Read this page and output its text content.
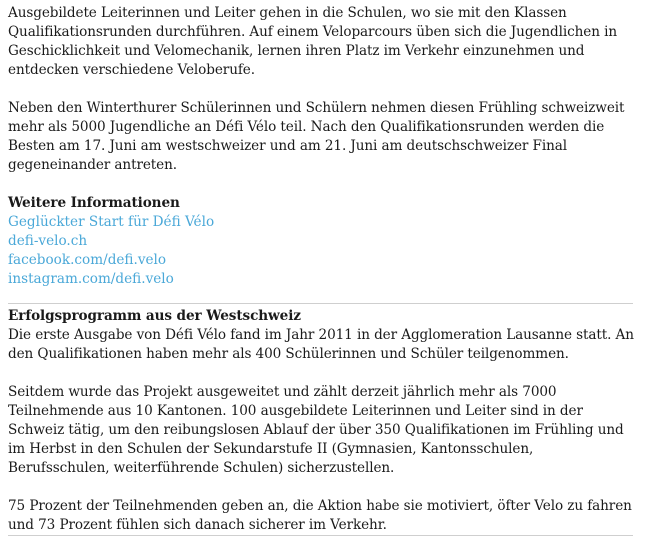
Ausgebildete Leiterinnen und Leiter gehen in die Schulen, wo sie mit den Klassen Qualifikationsrunden durchführen. Auf einem Veloparcours üben sich die Jugendlichen in Geschicklichkeit und Velomechanik, lernen ihren Platz im Verkehr einzunehmen und entdecken verschiedene Veloberufe.

Neben den Winterthurer Schülerinnen und Schülern nehmen diesen Frühling schweizweit mehr als 5000 Jugendliche an Défi Vélo teil. Nach den Qualifikationsrunden werden die Besten am 17. Juni am westschweizer und am 21. Juni am deutschschweizer Final gegeneinander antreten.

Weitere Informationen

Geglückter Start für Défi Vélo
defi-velo.ch
facebook.com/defi.velo
instagram.com/defi.velo

Erfolgsprogramm aus der Westschweiz

Die erste Ausgabe von Défi Vélo fand im Jahr 2011 in der Agglomeration Lausanne statt. An den Qualifikationen haben mehr als 400 Schülerinnen und Schüler teilgenommen.

Seitdem wurde das Projekt ausgeweitet und zählt derzeit jährlich mehr als 7000 Teilnehmende aus 10 Kantonen. 100 ausgebildete Leiterinnen und Leiter sind in der Schweiz tätig, um den reibungslosen Ablauf der über 350 Qualifikationen im Frühling und im Herbst in den Schulen der Sekundarstufe II (Gymnasien, Kantonsschulen, Berufsschulen, weiterführende Schulen) sicherzustellen.

75 Prozent der Teilnehmenden geben an, die Aktion habe sie motiviert, öfter Velo zu fahren und 73 Prozent fühlen sich danach sicherer im Verkehr.
